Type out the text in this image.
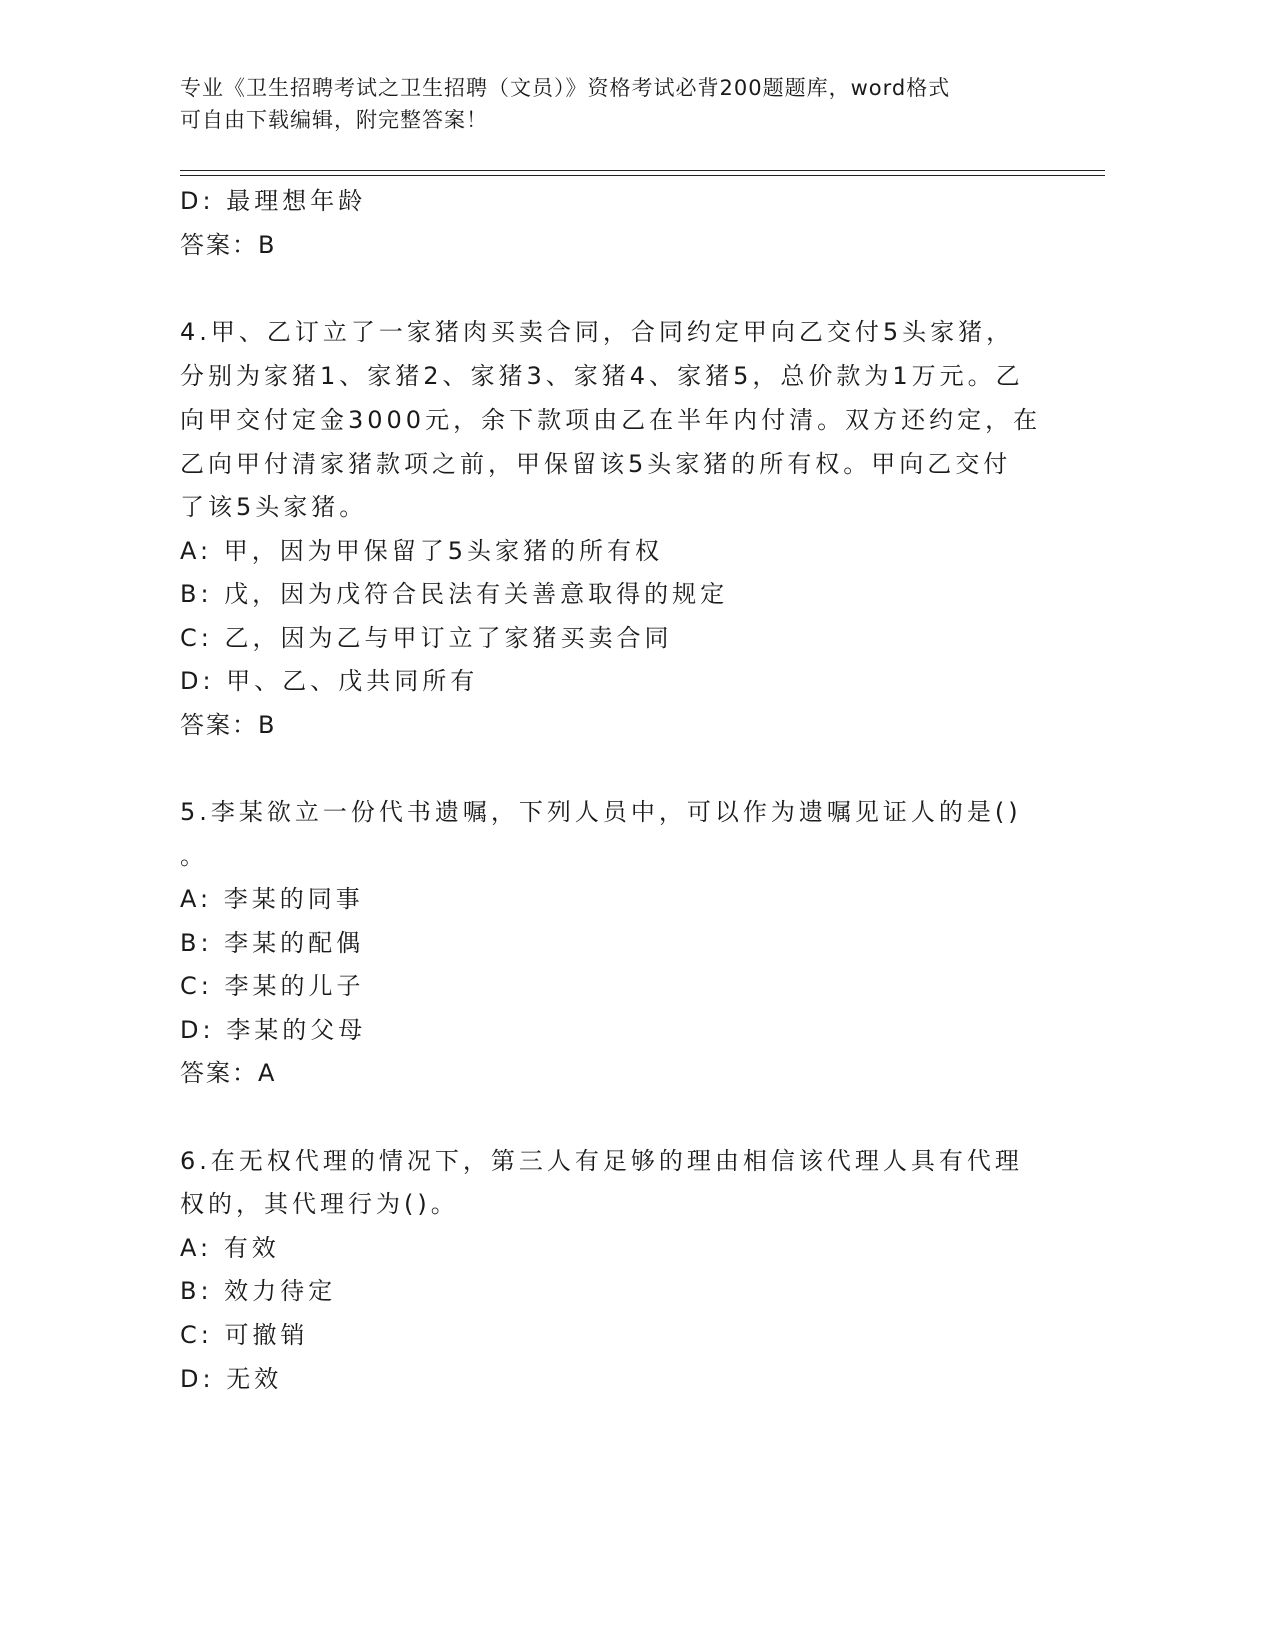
专业《卫生招聘考试之卫生招聘（文员）》资格考试必背200题题库，word格式
可自由下载编辑，附完整答案！
D: 最理想年龄
答案：B
4.甲、乙订立了一家猪肉买卖合同，合同约定甲向乙交付5头家猪，
分别为家猪1、家猪2、家猪3、家猪4、家猪5，总价款为1万元。乙
向甲交付定金3000元，余下款项由乙在半年内付清。双方还约定，在
乙向甲付清家猪款项之前，甲保留该5头家猪的所有权。甲向乙交付
了该5头家猪。
A: 甲，因为甲保留了5头家猪的所有权
B: 戊，因为戊符合民法有关善意取得的规定
C: 乙，因为乙与甲订立了家猪买卖合同
D: 甲、乙、戊共同所有
答案：B
5.李某欲立一份代书遗嘱，下列人员中，可以作为遗嘱见证人的是()
。
A: 李某的同事
B: 李某的配偶
C: 李某的儿子
D: 李某的父母
答案：A
6.在无权代理的情况下，第三人有足够的理由相信该代理人具有代理
权的，其代理行为()。
A: 有效
B: 效力待定
C: 可撤销
D: 无效
